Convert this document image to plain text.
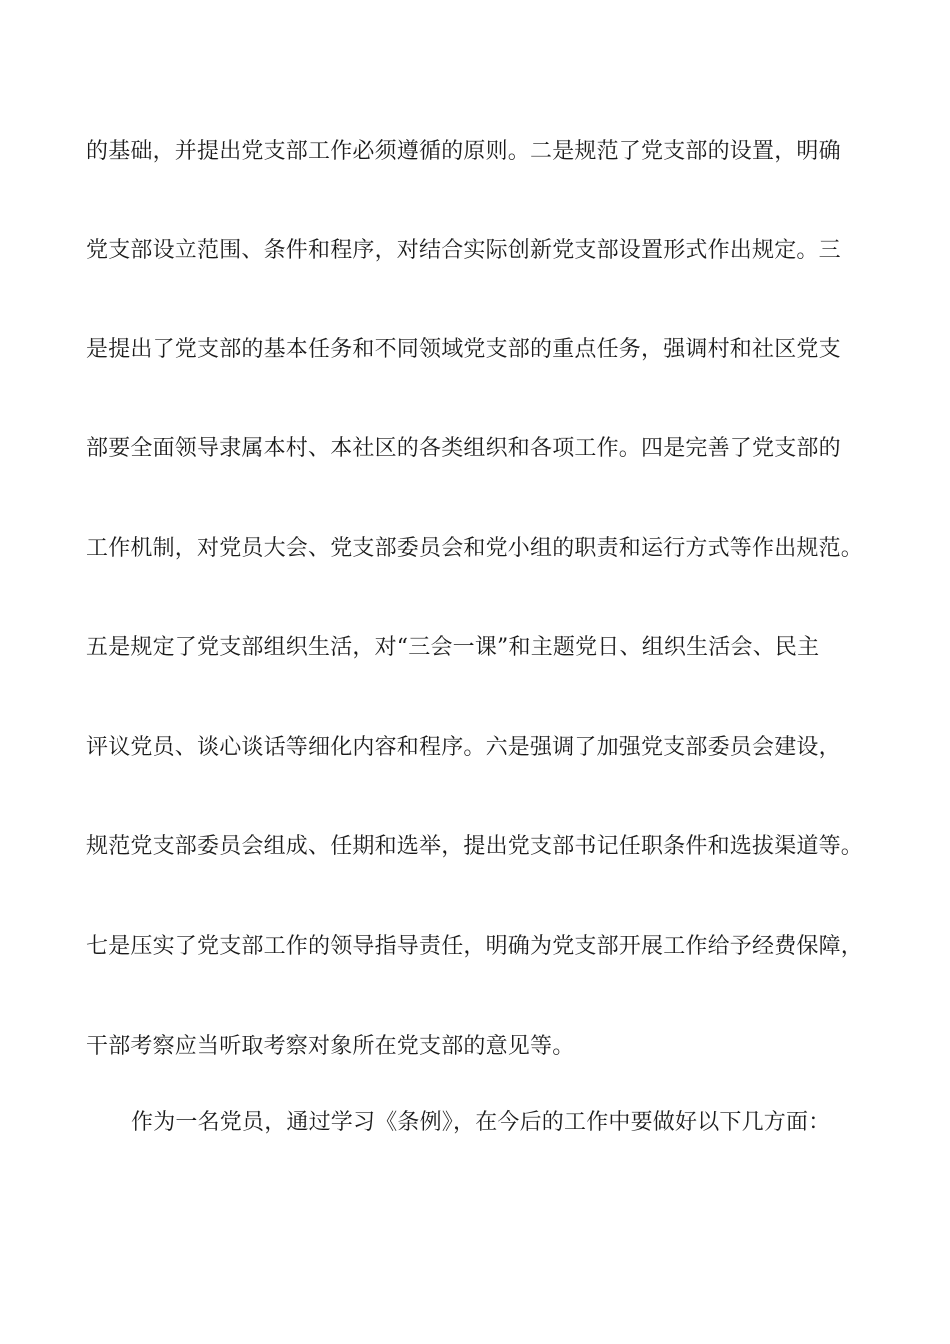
的基础，并提出党支部工作必须遵循的原则。二是规范了党支部的设置，明确
党支部设立范围、条件和程序，对结合实际创新党支部设置形式作出规定。三
是提出了党支部的基本任务和不同领域党支部的重点任务，强调村和社区党支
部要全面领导隶属本村、本社区的各类组织和各项工作。四是完善了党支部的
工作机制，对党员大会、党支部委员会和党小组的职责和运行方式等作出规范。
五是规定了党支部组织生活，对“三会一课”和主题党日、组织生活会、民主
评议党员、谈心谈话等细化内容和程序。六是强调了加强党支部委员会建设，
规范党支部委员会组成、任期和选举，提出党支部书记任职条件和选拔渠道等。
七是压实了党支部工作的领导指导责任，明确为党支部开展工作给予经费保障，
干部考察应当听取考察对象所在党支部的意见等。
作为一名党员，通过学习《条例》，在今后的工作中要做好以下几方面：
